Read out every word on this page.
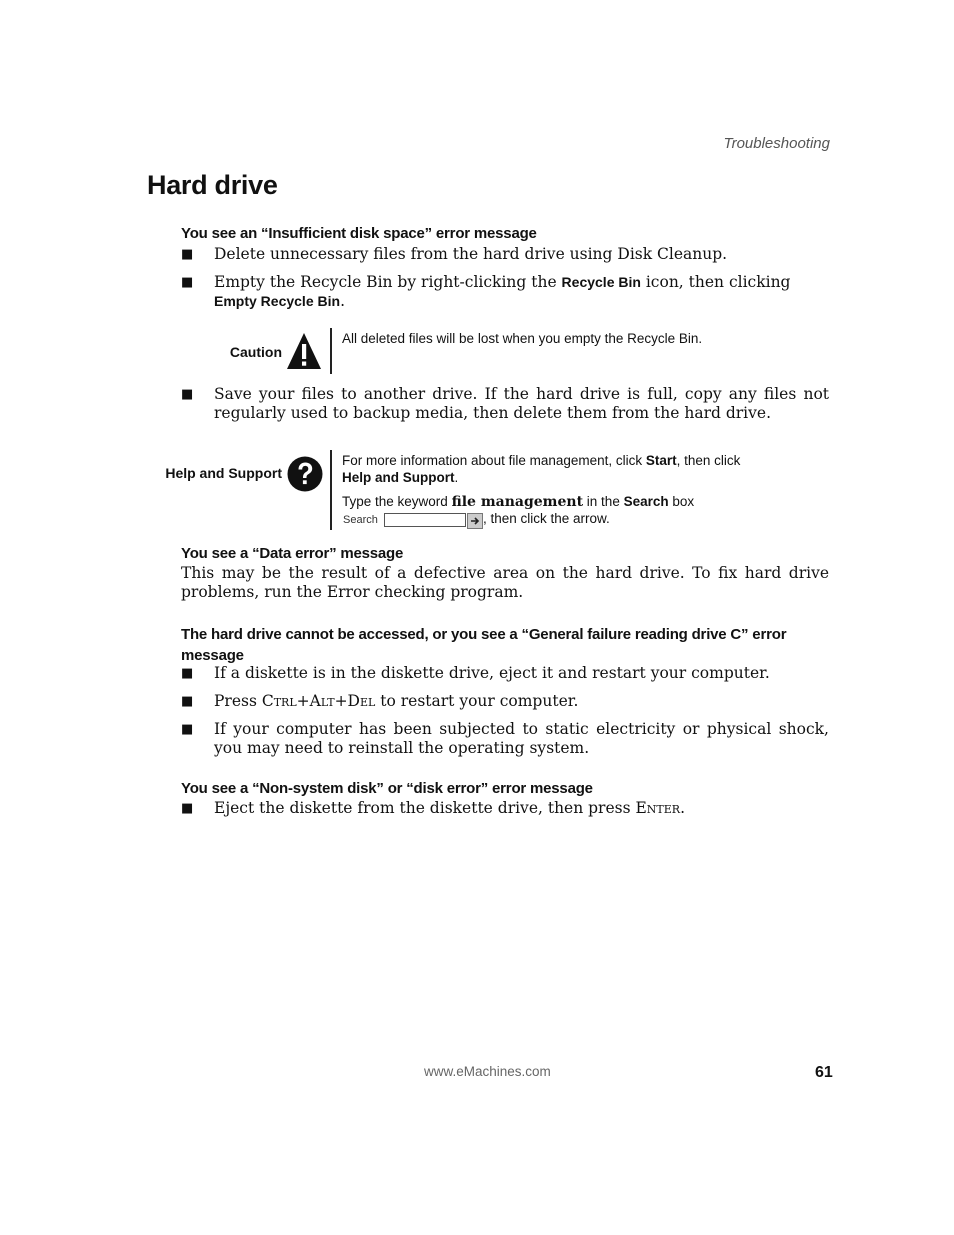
Troubleshooting
Hard drive
You see an “Insufficient disk space” error message
■ Delete unnecessary files from the hard drive using Disk Cleanup.
■ Empty the Recycle Bin by right-clicking the Recycle Bin icon, then clicking Empty Recycle Bin.
Caution
All deleted files will be lost when you empty the Recycle Bin.
■ Save your files to another drive. If the hard drive is full, copy any files not regularly used to backup media, then delete them from the hard drive.
Help and Support
For more information about file management, click Start, then click
Help and Support.
Type the keyword file management in the Search box
Search	, then click the arrow.
You see a “Data error” message
This may be the result of a defective area on the hard drive. To fix hard drive problems, run the Error checking program.
The hard drive cannot be accessed, or you see a “General failure reading drive C” error message
■ If a diskette is in the diskette drive, eject it and restart your computer.
■ Press Ctrl+Alt+Del to restart your computer.
■ If your computer has been subjected to static electricity or physical shock, you may need to reinstall the operating system.
You see a “Non-system disk” or “disk error” error message
■ Eject the diskette from the diskette drive, then press Enter.
www.eMachines.com	61
